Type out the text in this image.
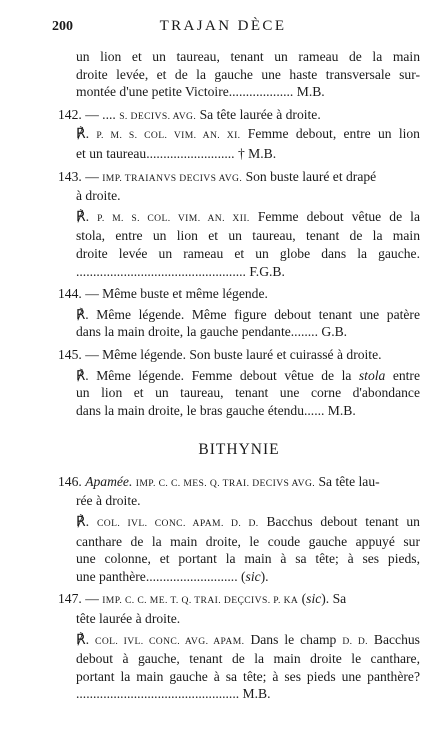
200	TRAJAN DÈCE
un lion et un taureau, tenant un rameau de la main
droite levée, et de la gauche une haste transversale sur-
montée d'une petite Victoire................... M.B.
142. — .... S. DECIVS. AVG. Sa tête laurée à droite.
℟. P. M. S. COL. VIM. AN. XI. Femme debout, entre un lion
et un taureau.......................... † M.B.
143. — IMP. TRAIANVS DECIVS AVG. Son buste lauré et drapé
à droite.
℟. P. M. S. COL. VIM. AN. XII. Femme debout vêtue de la
stola, entre un lion et un taureau, tenant de la main
droite levée un rameau et un globe dans la gauche.
.................................................. F.G.B.
144. — Même buste et même légende.
℟. Même légende. Même figure debout tenant une patère
dans la main droite, la gauche pendante........ G.B.
145. — Même légende. Son buste lauré et cuirassé à droite.
℟. Même légende. Femme debout vêtue de la stola entre
un lion et un taureau, tenant une corne d'abondance
dans la main droite, le bras gauche étendu...... M.B.
BITHYNIE
146. Apamée. IMP. C. C. MES. Q. TRAI. DECIVS AVG. Sa tête lau-
rée à droite.
℟. COL. IVL. CONC. APAM. D. D. Bacchus debout tenant un
canthare de la main droite, le coude gauche appuyé sur
une colonne, et portant la main à sa tête; à ses pieds,
une panthère........................... (sic).
147. — IMP. C. C. ME. T. Q. TRAI. DEÇCIVS. P. KA (sic). Sa
tête laurée à droite.
℟. COL. IVL. CONC. AVG. APAM. Dans le champ D. D. Bacchus
debout à gauche, tenant de la main droite le canthare,
portant la main gauche à sa tête; à ses pieds une panthère?
................................................ M.B.
